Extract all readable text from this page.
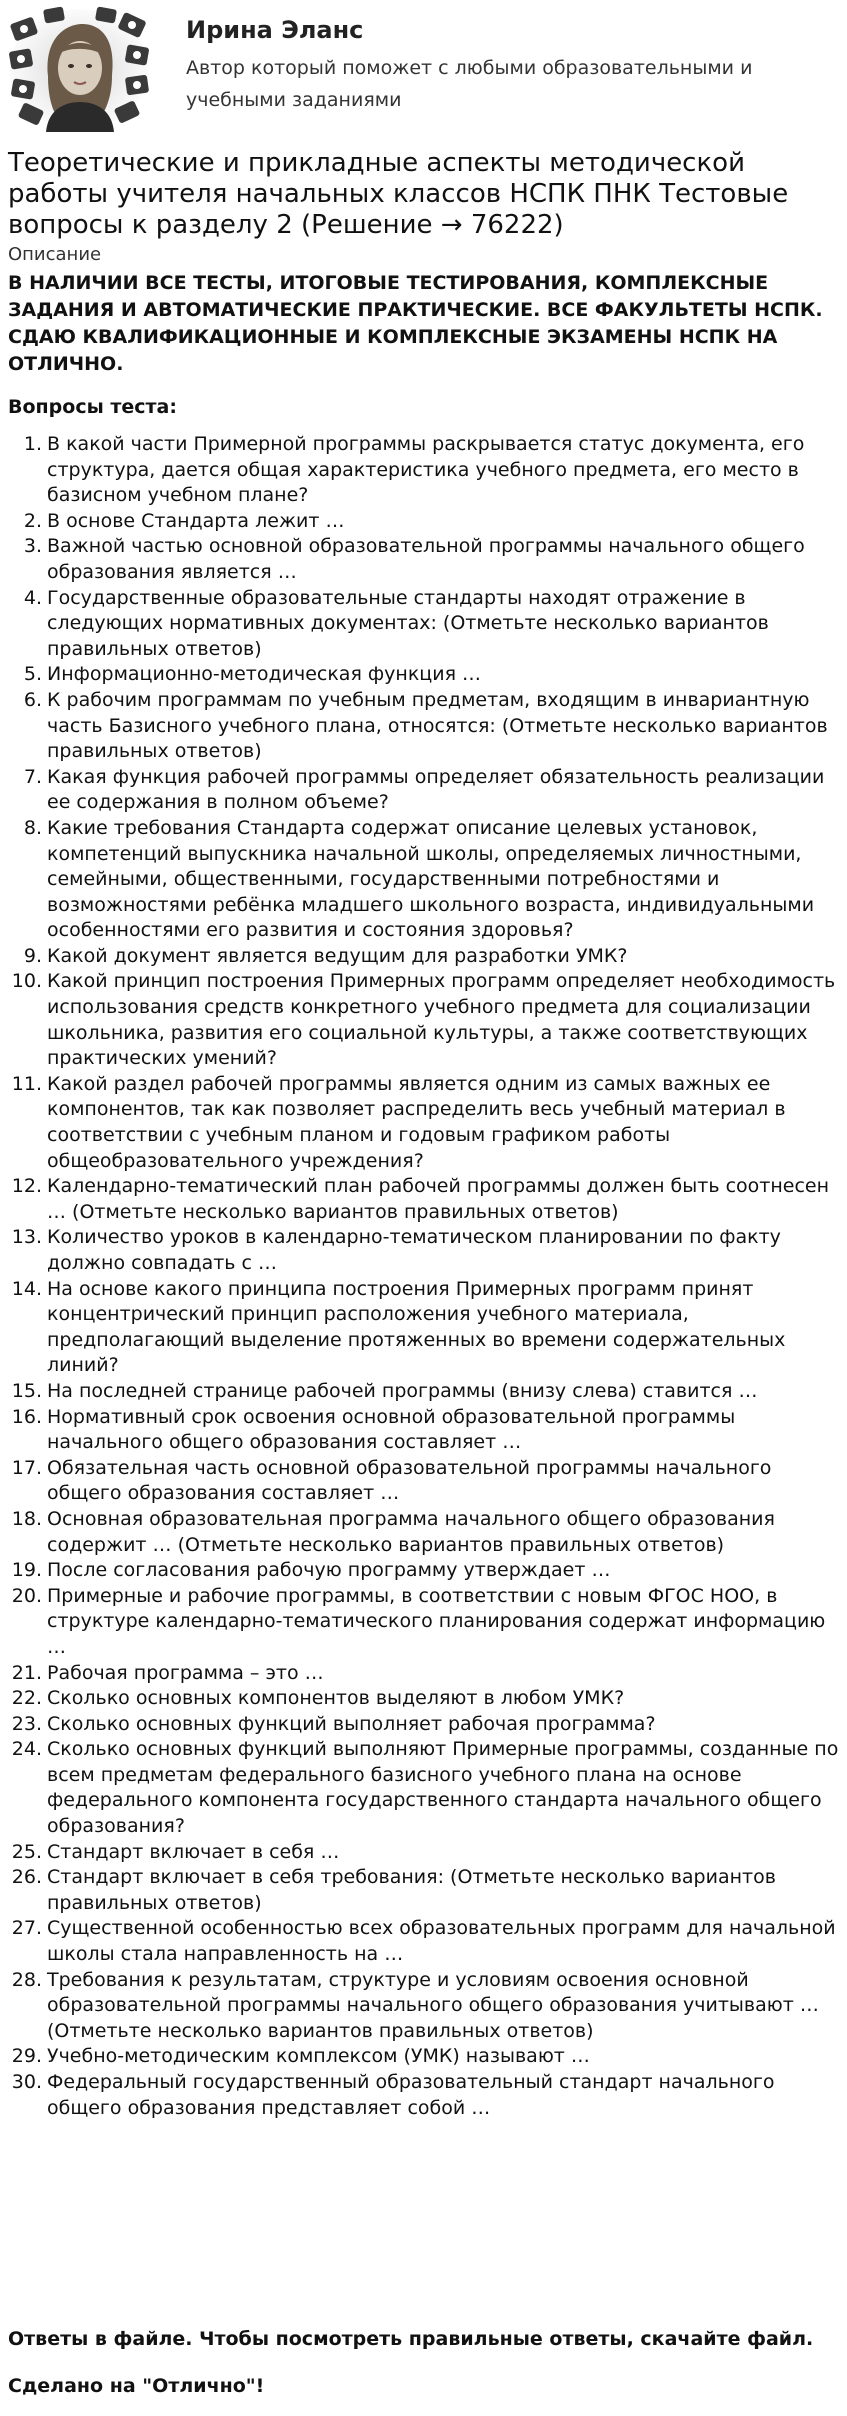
Ирина Эланс
Автор который поможет с любыми образовательными и учебными заданиями
Теоретические и прикладные аспекты методической работы учителя начальных классов НСПК ПНК Тестовые вопросы к разделу 2 (Решение → 76222)
Описание

В НАЛИЧИИ ВСЕ ТЕСТЫ, ИТОГОВЫЕ ТЕСТИРОВАНИЯ, КОМПЛЕКСНЫЕ ЗАДАНИЯ И АВТОМАТИЧЕСКИЕ ПРАКТИЧЕСКИЕ. ВСЕ ФАКУЛЬТЕТЫ НСПК. СДАЮ КВАЛИФИКАЦИОННЫЕ И КОМПЛЕКСНЫЕ ЭКЗАМЕНЫ НСПК НА ОТЛИЧНО.

Вопросы теста:
1. В какой части Примерной программы раскрывается статус документа, его структура, дается общая характеристика учебного предмета, его место в базисном учебном плане?
2. В основе Стандарта лежит …
3. Важной частью основной образовательной программы начального общего образования является …
4. Государственные образовательные стандарты находят отражение в следующих нормативных документах: (Отметьте несколько вариантов правильных ответов)
5. Информационно-методическая функция …
6. К рабочим программам по учебным предметам, входящим в инвариантную часть Базисного учебного плана, относятся: (Отметьте несколько вариантов правильных ответов)
7. Какая функция рабочей программы определяет обязательность реализации ее содержания в полном объеме?
8. Какие требования Стандарта содержат описание целевых установок, компетенций выпускника начальной школы, определяемых личностными, семейными, общественными, государственными потребностями и возможностями ребёнка младшего школьного возраста, индивидуальными особенностями его развития и состояния здоровья?
9. Какой документ является ведущим для разработки УМК?
10. Какой принцип построения Примерных программ определяет необходимость использования средств конкретного учебного предмета для социализации школьника, развития его социальной культуры, а также соответствующих практических умений?
11. Какой раздел рабочей программы является одним из самых важных ее компонентов, так как позволяет распределить весь учебный материал в соответствии с учебным планом и годовым графиком работы общеобразовательного учреждения?
12. Календарно-тематический план рабочей программы должен быть соотнесен … (Отметьте несколько вариантов правильных ответов)
13. Количество уроков в календарно-тематическом планировании по факту должно совпадать с …
14. На основе какого принципа построения Примерных программ принят концентрический принцип расположения учебного материала, предполагающий выделение протяженных во времени содержательных линий?
15. На последней странице рабочей программы (внизу слева) ставится …
16. Нормативный срок освоения основной образовательной программы начального общего образования составляет …
17. Обязательная часть основной образовательной программы начального общего образования составляет …
18. Основная образовательная программа начального общего образования содержит … (Отметьте несколько вариантов правильных ответов)
19. После согласования рабочую программу утверждает …
20. Примерные и рабочие программы, в соответствии с новым ФГОС НОО, в структуре календарно-тематического планирования содержат информацию …
21. Рабочая программа – это …
22. Сколько основных компонентов выделяют в любом УМК?
23. Сколько основных функций выполняет рабочая программа?
24. Сколько основных функций выполняют Примерные программы, созданные по всем предметам федерального базисного учебного плана на основе федерального компонента государственного стандарта начального общего образования?
25. Стандарт включает в себя …
26. Стандарт включает в себя требования: (Отметьте несколько вариантов правильных ответов)
27. Существенной особенностью всех образовательных программ для начальной школы стала направленность на …
28. Требования к результатам, структуре и условиям освоения основной образовательной программы начального общего образования учитывают … (Отметьте несколько вариантов правильных ответов)
29. Учебно-методическим комплексом (УМК) называют …
30. Федеральный государственный образовательный стандарт начального общего образования представляет собой …
Ответы в файле. Чтобы посмотреть правильные ответы, скачайте файл.
Сделано на "Отлично"!
